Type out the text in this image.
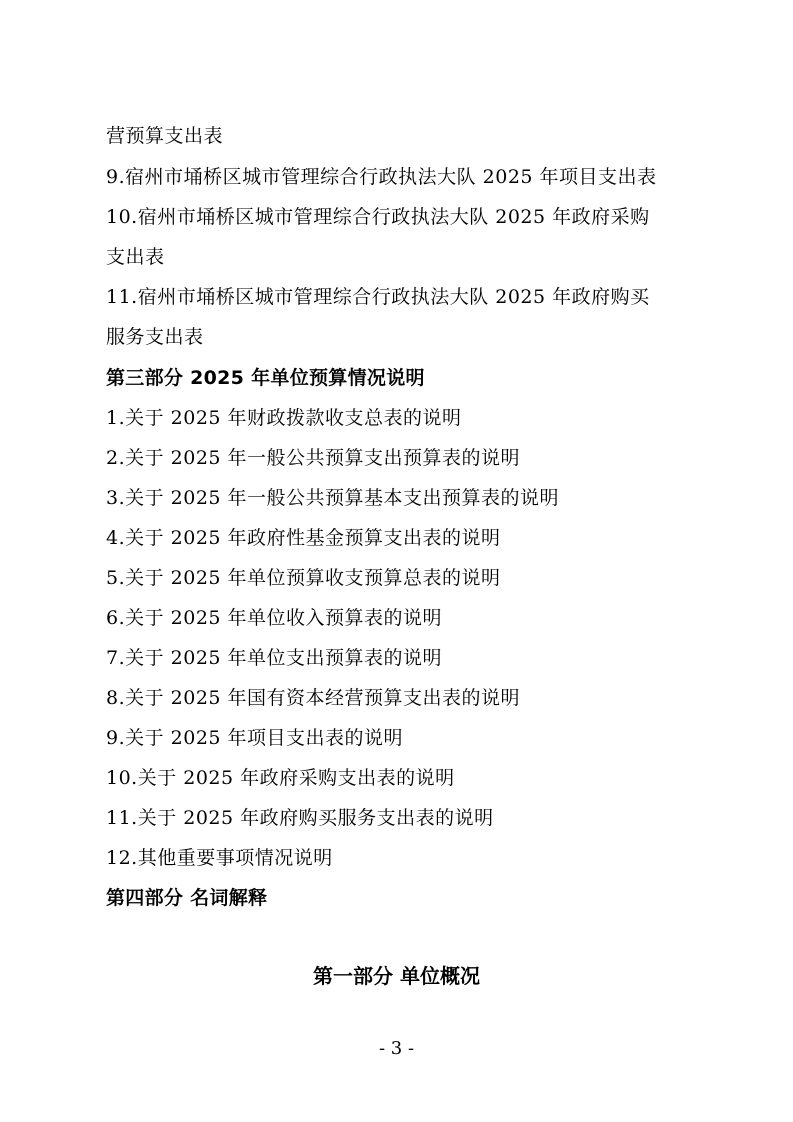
营预算支出表
9.宿州市埇桥区城市管理综合行政执法大队 2025 年项目支出表
10.宿州市埇桥区城市管理综合行政执法大队 2025 年政府采购
支出表
11.宿州市埇桥区城市管理综合行政执法大队 2025 年政府购买
服务支出表
第三部分 2025 年单位预算情况说明
1.关于 2025 年财政拨款收支总表的说明
2.关于 2025 年一般公共预算支出预算表的说明
3.关于 2025 年一般公共预算基本支出预算表的说明
4.关于 2025 年政府性基金预算支出表的说明
5.关于 2025 年单位预算收支预算总表的说明
6.关于 2025 年单位收入预算表的说明
7.关于 2025 年单位支出预算表的说明
8.关于 2025 年国有资本经营预算支出表的说明
9.关于 2025 年项目支出表的说明
10.关于 2025 年政府采购支出表的说明
11.关于 2025 年政府购买服务支出表的说明
12.其他重要事项情况说明
第四部分 名词解释
第一部分 单位概况
- 3 -
